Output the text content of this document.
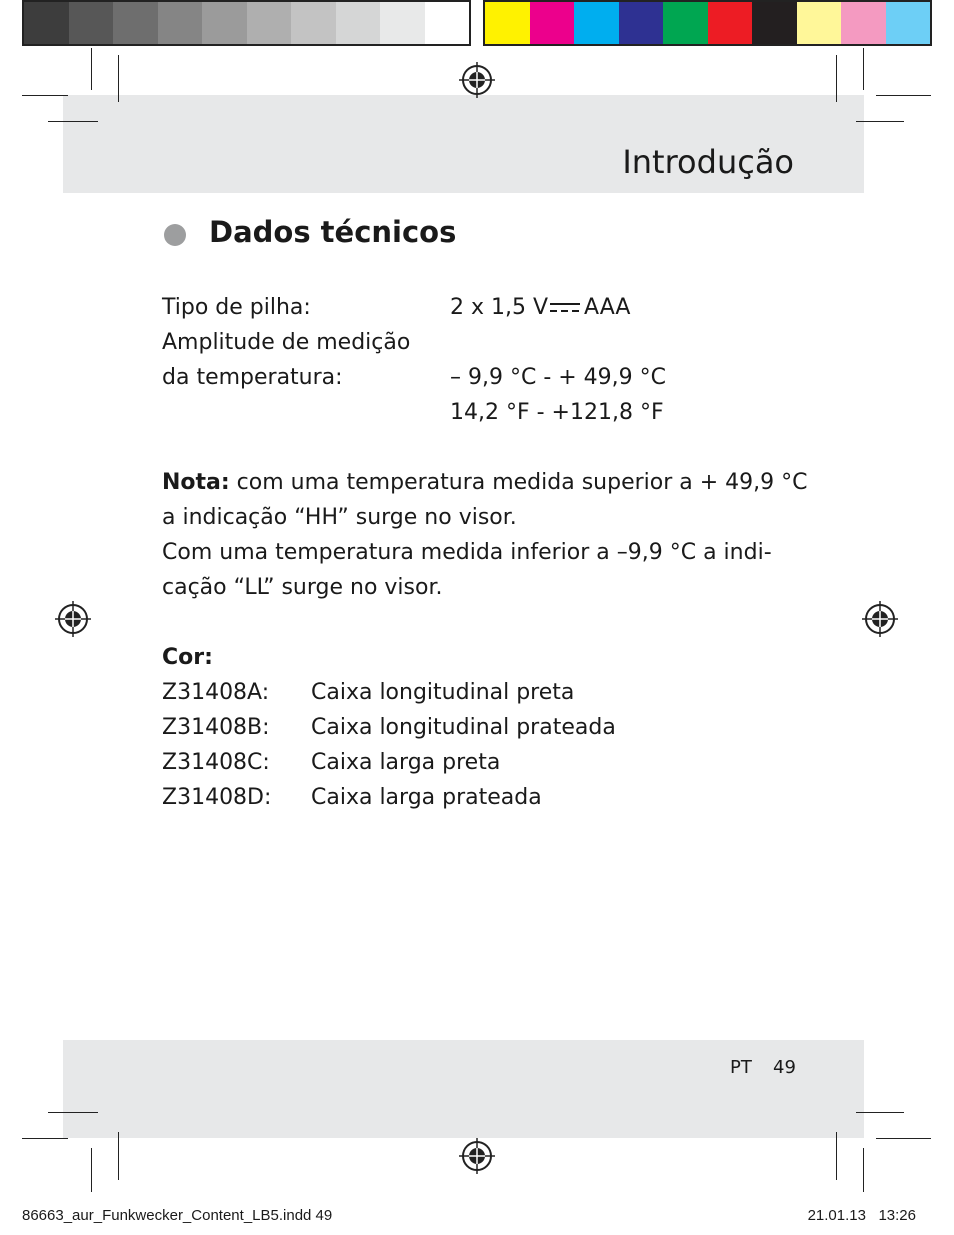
Introdução
Dados técnicos
Tipo de pilha:	2 x 1,5 V AAA
Amplitude de medição
da temperatura:	– 9,9 °C - + 49,9 °C
14,2 °F - +121,8 °F
Nota: com uma temperatura medida superior a + 49,9 °C
a indicação “HH” surge no visor.
Com uma temperatura medida inferior a –9,9 °C a indi-
cação “LL” surge no visor.
Cor:
Z31408A: Caixa longitudinal preta
Z31408B: Caixa longitudinal prateada
Z31408C: Caixa larga preta
Z31408D: Caixa larga prateada
PT 49
86663_aur_Funkwecker_Content_LB5.indd 49	21.01.13   13:26
